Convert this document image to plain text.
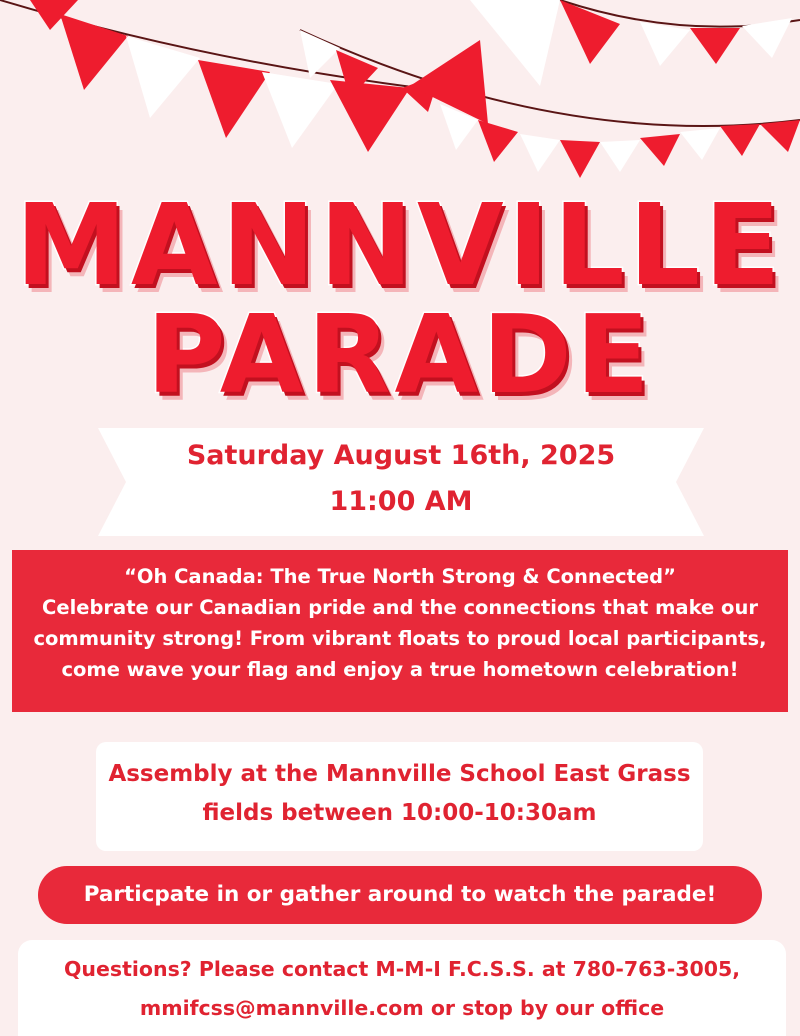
MANNVILLE
PARADE
Saturday August 16th, 2025
11:00 AM
“Oh Canada: The True North Strong & Connected”
Celebrate our Canadian pride and the connections that make our
community strong! From vibrant floats to proud local participants,
come wave your flag and enjoy a true hometown celebration!
Assembly at the Mannville School East Grass
fields between 10:00-10:30am
Particpate in or gather around to watch the parade!
Questions? Please contact M-M-I F.C.S.S. at 780-763-3005,
mmifcss@mannville.com or stop by our office
